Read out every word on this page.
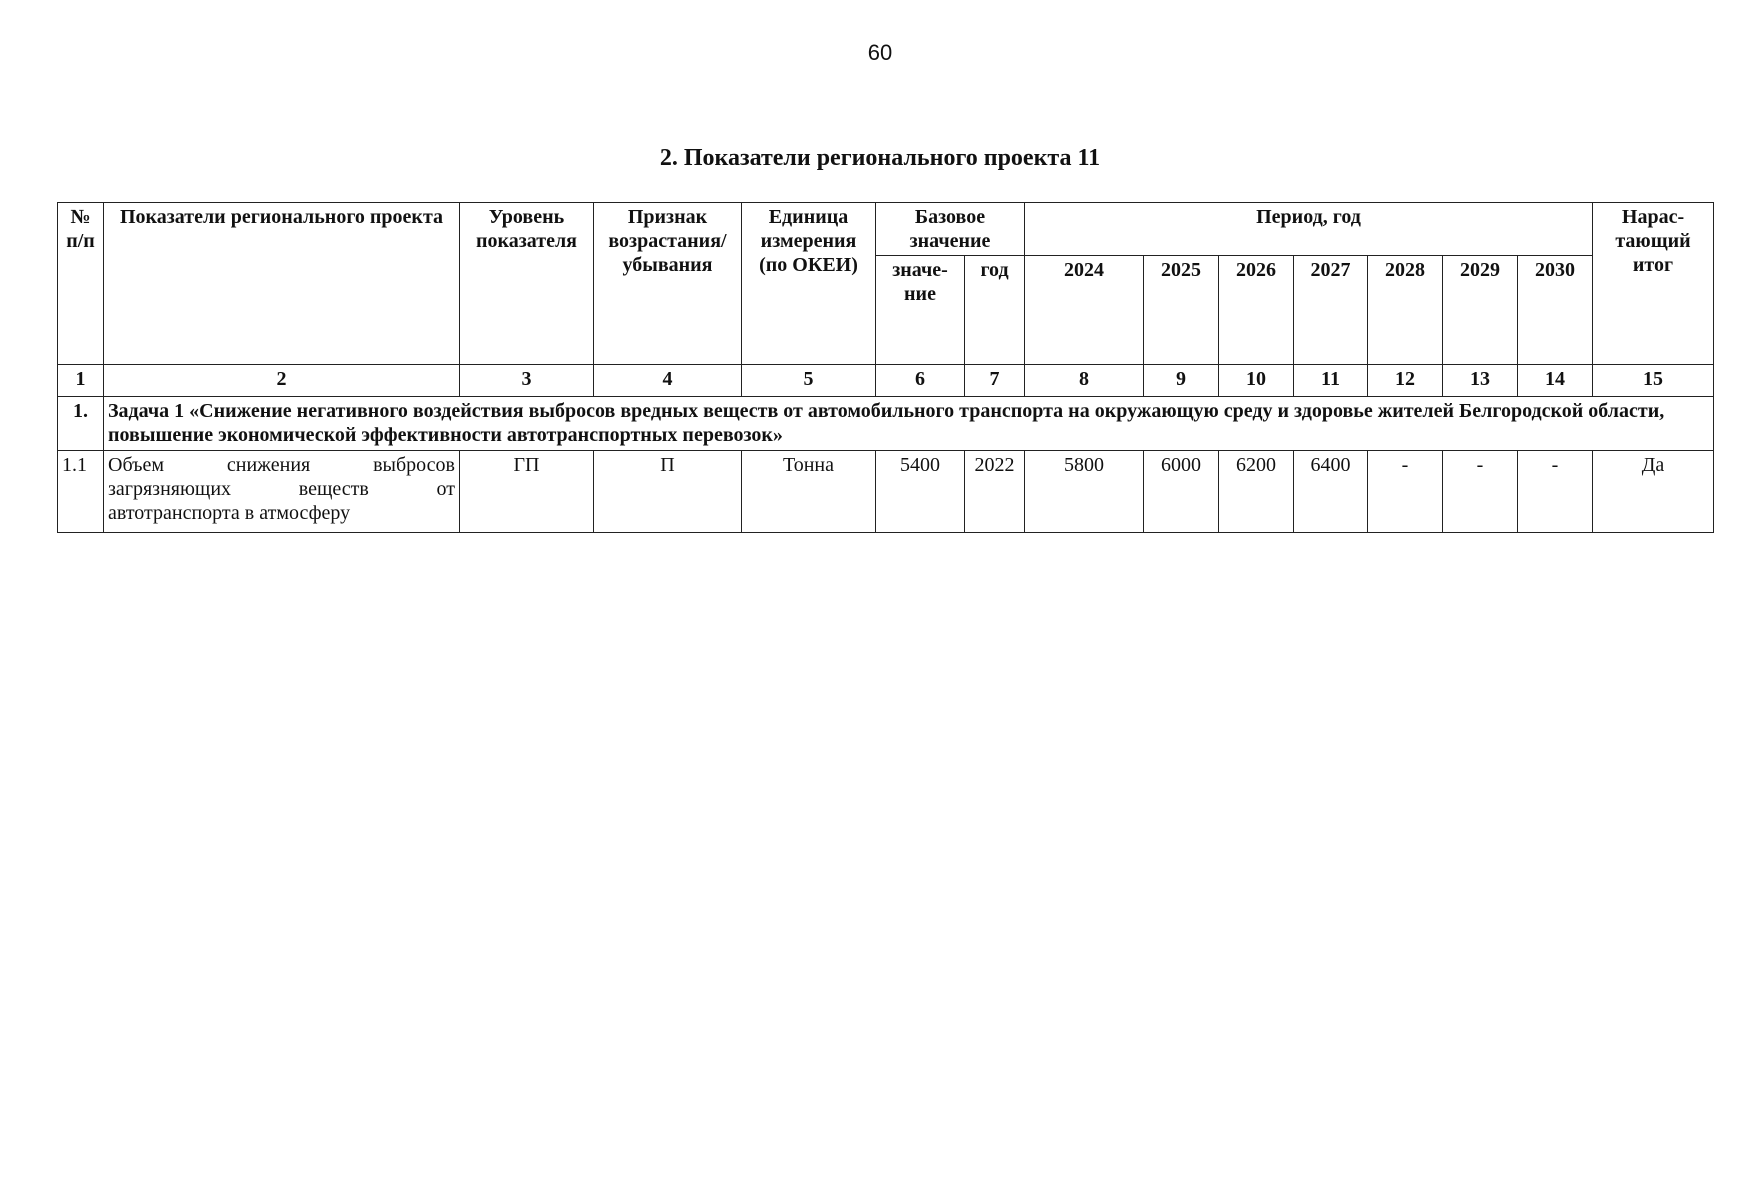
60
2. Показатели регионального проекта 11
№ п/п	Показатели регионального проекта	Уровень показателя	Признак возрастания/ убывания	Единица измерения (по ОКЕИ)	Базовое значение		Период, год							Нарас-тающий итог
					значе-ние	год	2024	2025	2026	2027	2028	2029	2030	
1	2	3	4	5	6	7	8	9	10	11	12	13	14	15
1.	Задача 1 «Снижение негативного воздействия выбросов вредных веществ от автомобильного транспорта на окружающую среду и здоровье жителей Белгородской области, повышение экономической эффективности автотранспортных перевозок»													
1.1	Объем снижения выбросов загрязняющих веществ от автотранспорта в атмосферу	ГП	П	Тонна	5400	2022	5800	6000	6200	6400	-	-	-	Да
